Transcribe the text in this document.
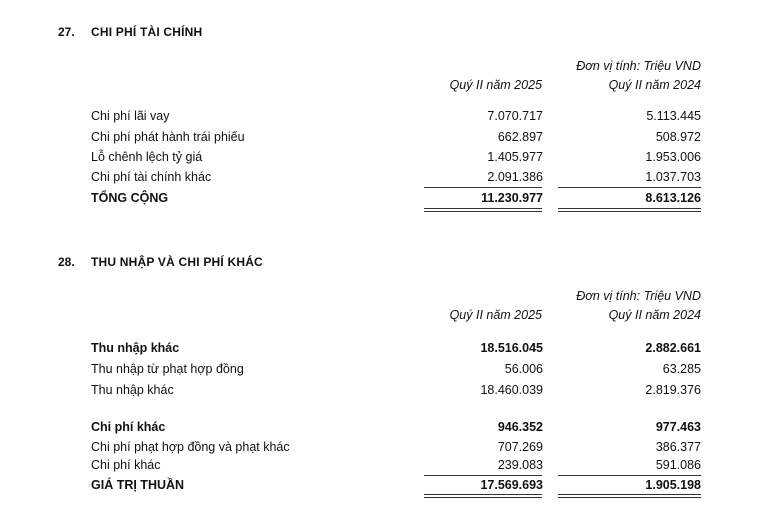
27. CHI PHÍ TÀI CHÍNH
Đơn vị tính: Triệu VND
Quý II năm 2025	Quý II năm 2024
Chi phí lãi vay	7.070.717	5.113.445
Chi phí phát hành trái phiếu	662.897	508.972
Lỗ chênh lệch tỷ giá	1.405.977	1.953.006
Chi phí tài chính khác	2.091.386	1.037.703
TỔNG CỘNG	11.230.977	8.613.126
28. THU NHẬP VÀ CHI PHÍ KHÁC
Đơn vị tính: Triệu VND
Quý II năm 2025	Quý II năm 2024
Thu nhập khác	18.516.045	2.882.661
Thu nhập từ phạt hợp đồng	56.006	63.285
Thu nhập khác	18.460.039	2.819.376
Chi phí khác	946.352	977.463
Chi phí phạt hợp đồng và phạt khác	707.269	386.377
Chi phí khác	239.083	591.086
GIÁ TRỊ THUẦN	17.569.693	1.905.198
